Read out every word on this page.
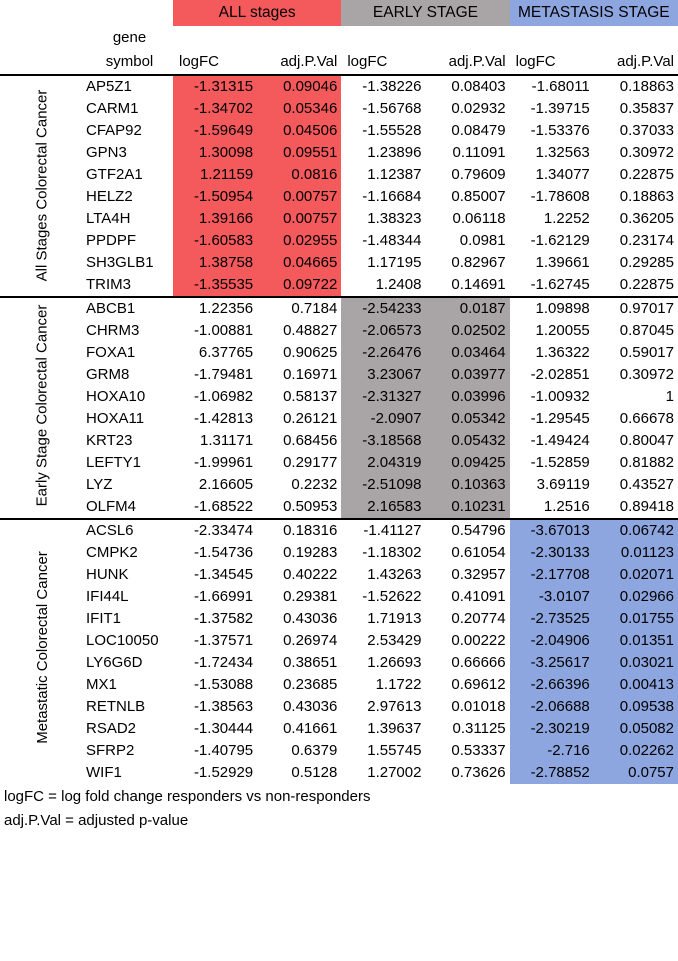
		ALL stages		EARLY STAGE		METASTASIS STAGE	
	gene						
	symbol	logFC	adj.P.Val	logFC	adj.P.Val	logFC	adj.P.Val
	AP5Z1	-1.31315	0.09046	-1.38226	0.08403	-1.68011	0.18863
	CARM1	-1.34702	0.05346	-1.56768	0.02932	-1.39715	0.35837
	CFAP92	-1.59649	0.04506	-1.55528	0.08479	-1.53376	0.37033
	GPN3	1.30098	0.09551	1.23896	0.11091	1.32563	0.30972
	GTF2A1	1.21159	0.0816	1.12387	0.79609	1.34077	0.22875
	HELZ2	-1.50954	0.00757	-1.16684	0.85007	-1.78608	0.18863
	LTA4H	1.39166	0.00757	1.38323	0.06118	1.2252	0.36205
	PPDPF	-1.60583	0.02955	-1.48344	0.0981	-1.62129	0.23174
	SH3GLB1	1.38758	0.04665	1.17195	0.82967	1.39661	0.29285
	TRIM3	-1.35535	0.09722	1.2408	0.14691	-1.62745	0.22875
	ABCB1	1.22356	0.7184	-2.54233	0.0187	1.09898	0.97017
	CHRM3	-1.00881	0.48827	-2.06573	0.02502	1.20055	0.87045
	FOXA1	6.37765	0.90625	-2.26476	0.03464	1.36322	0.59017
	GRM8	-1.79481	0.16971	3.23067	0.03977	-2.02851	0.30972
	HOXA10	-1.06982	0.58137	-2.31327	0.03996	-1.00932	1
	HOXA11	-1.42813	0.26121	-2.0907	0.05342	-1.29545	0.66678
	KRT23	1.31171	0.68456	-3.18568	0.05432	-1.49424	0.80047
	LEFTY1	-1.99961	0.29177	2.04319	0.09425	-1.52859	0.81882
	LYZ	2.16605	0.2232	-2.51098	0.10363	3.69119	0.43527
	OLFM4	-1.68522	0.50953	2.16583	0.10231	1.2516	0.89418
	ACSL6	-2.33474	0.18316	-1.41127	0.54796	-3.67013	0.06742
	CMPK2	-1.54736	0.19283	-1.18302	0.61054	-2.30133	0.01123
	HUNK	-1.34545	0.40222	1.43263	0.32957	-2.17708	0.02071
	IFI44L	-1.66991	0.29381	-1.52622	0.41091	-3.0107	0.02966
	IFIT1	-1.37582	0.43036	1.71913	0.20774	-2.73525	0.01755
	LOC10050	-1.37571	0.26974	2.53429	0.00222	-2.04906	0.01351
	LY6G6D	-1.72434	0.38651	1.26693	0.66666	-3.25617	0.03021
	MX1	-1.53088	0.23685	1.1722	0.69612	-2.66396	0.00413
	RETNLB	-1.38563	0.43036	2.97613	0.01018	-2.06688	0.09538
	RSAD2	-1.30444	0.41661	1.39637	0.31125	-2.30219	0.05082
	SFRP2	-1.40795	0.6379	1.55745	0.53337	-2.716	0.02262
	WIF1	-1.52929	0.5128	1.27002	0.73626	-2.78852	0.0757
All Stages Colorectal Cancer
Early Stage Colorectal Cancer
Metastatic Colorectal Cancer
logFC = log fold change responders vs non-responders
adj.P.Val = adjusted p-value
